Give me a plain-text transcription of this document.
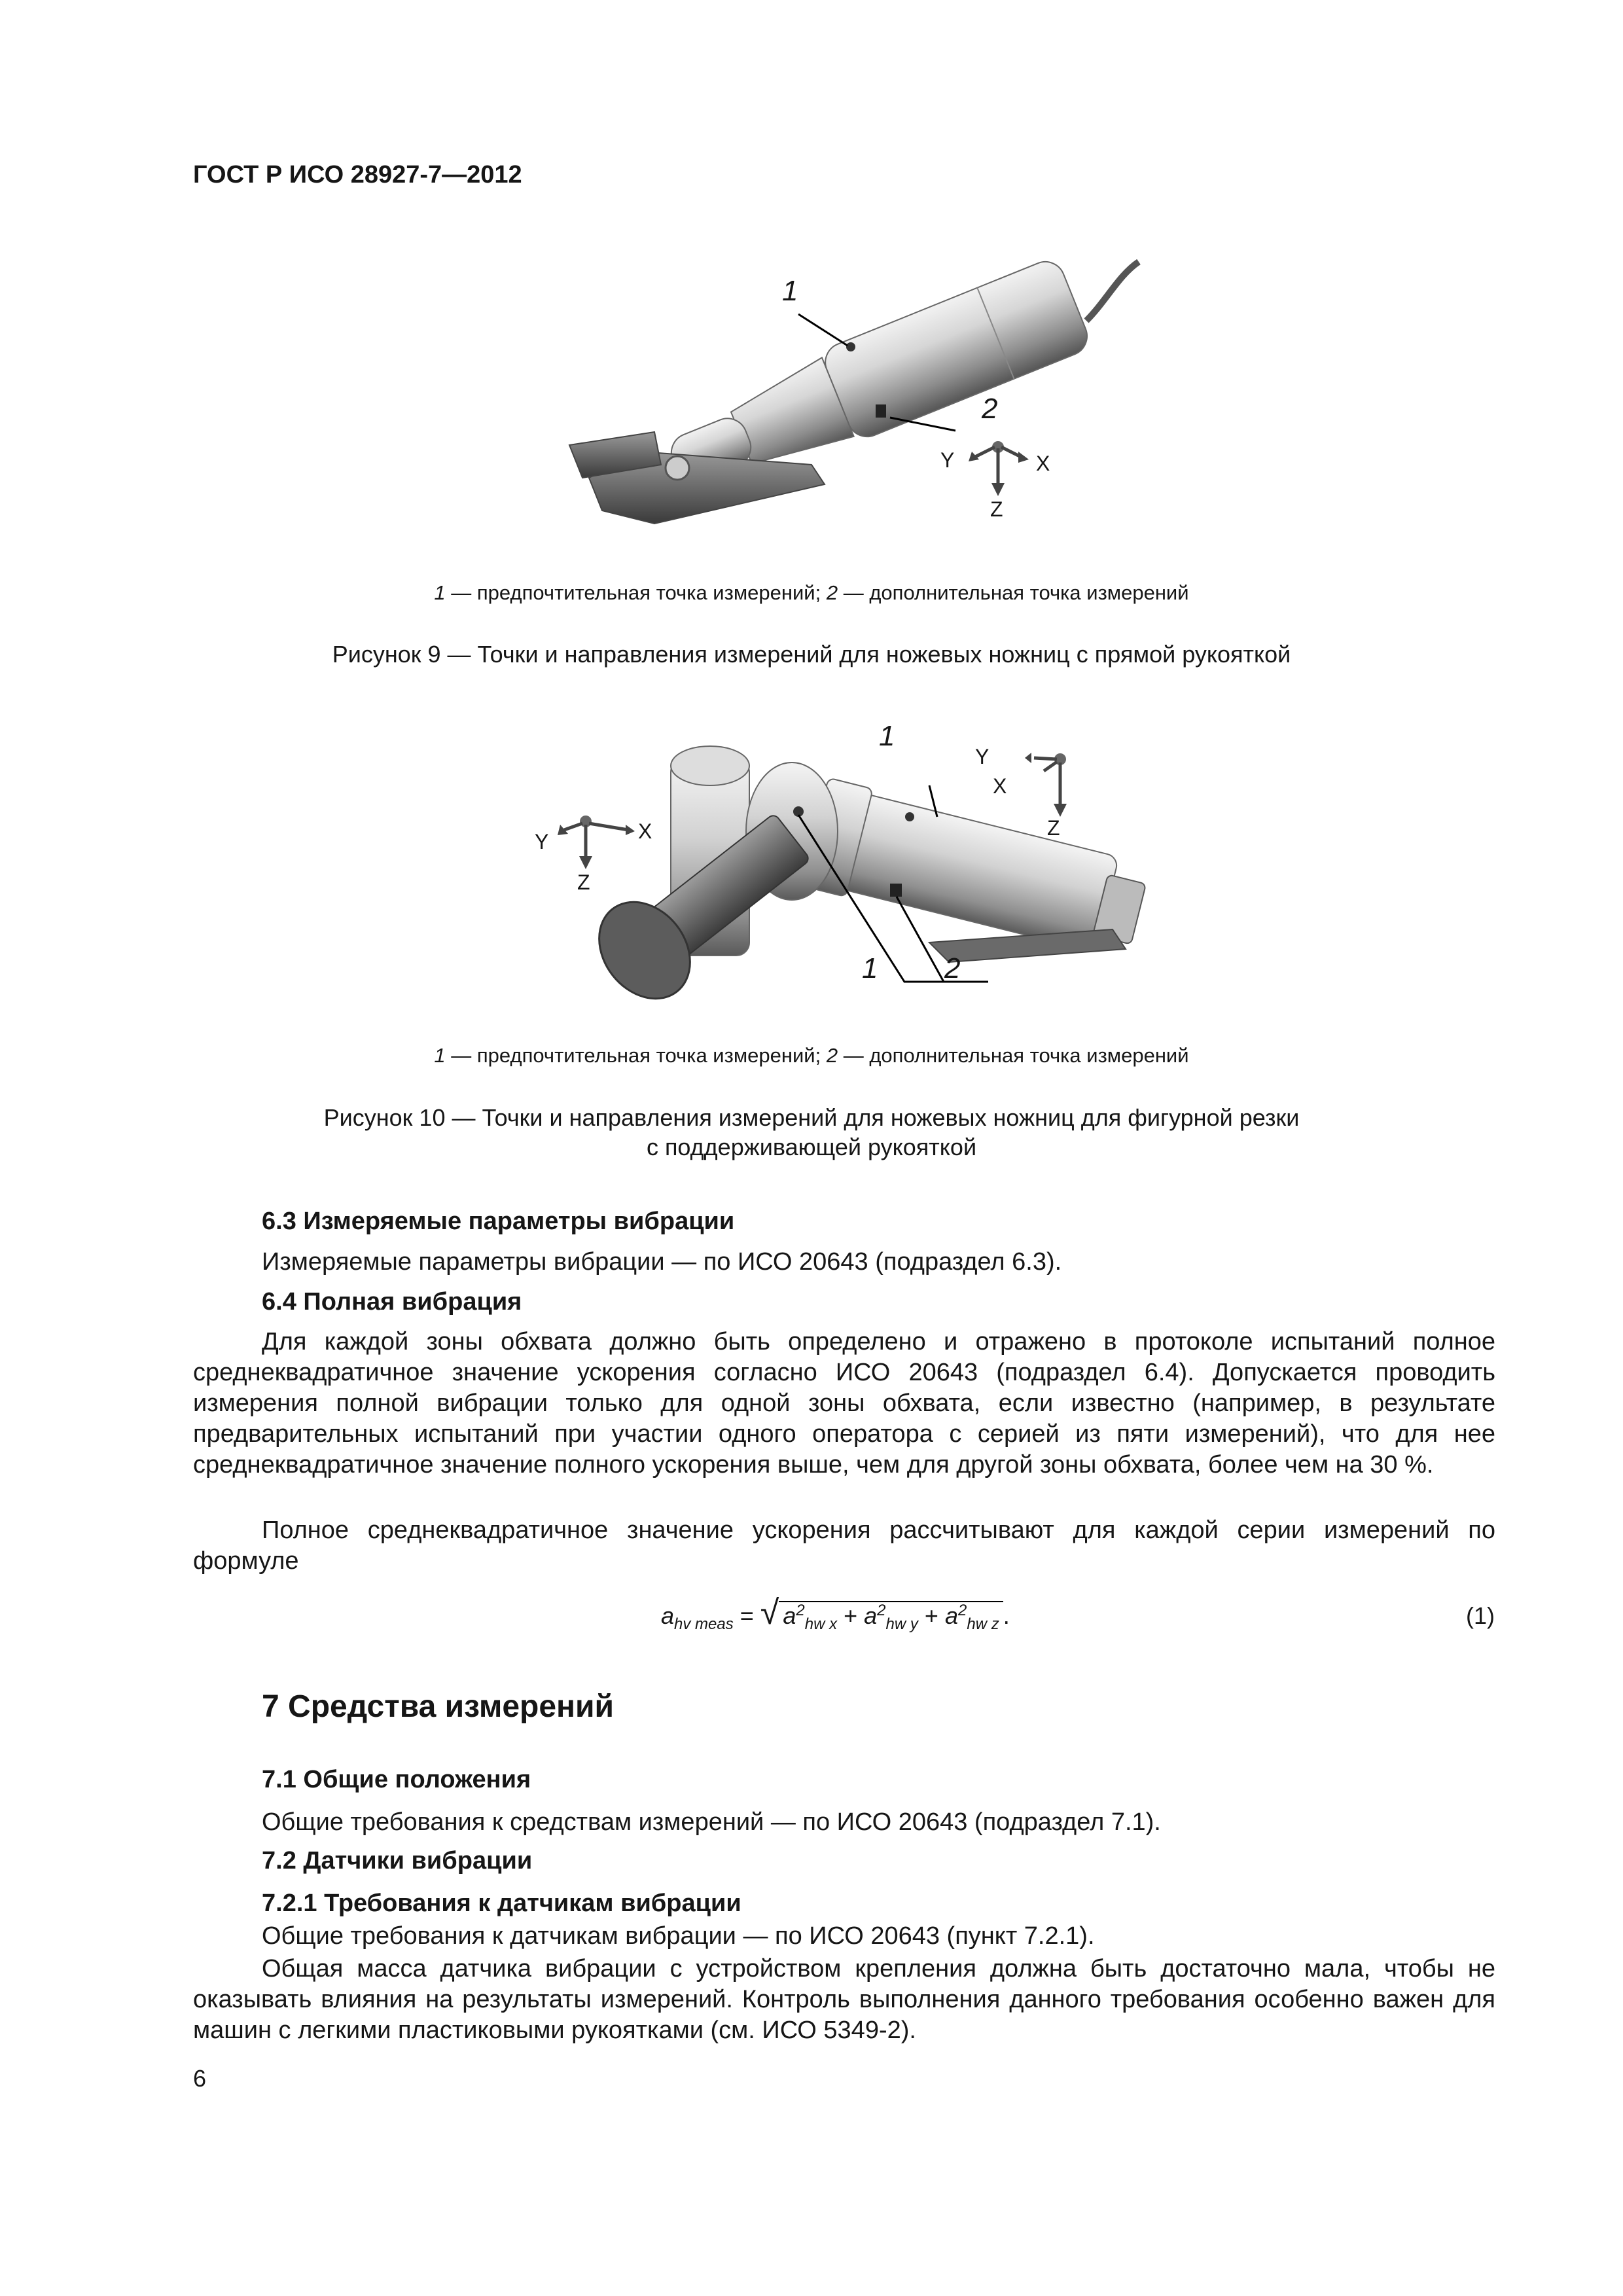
ГОСТ Р ИСО 28927-7—2012
1
2
Y	X
Z
1 — предпочтительная точка измерений; 2 — дополнительная точка измерений
Рисунок 9 — Точки и направления измерений для ножевых ножниц с прямой рукояткой
1
1 2
Y	X
Z
Y
X
Z
1 — предпочтительная точка измерений; 2 — дополнительная точка измерений
Рисунок 10 — Точки и направления измерений для ножевых ножниц для фигурной резки
с поддерживающей рукояткой
6.3 Измеряемые параметры вибрации
Измеряемые параметры вибрации — по ИСО 20643 (подраздел 6.3).
6.4 Полная вибрация
Для каждой зоны обхвата должно быть определено и отражено в протоколе испытаний полное среднеквадратичное значение ускорения согласно ИСО 20643 (подраздел 6.4). Допускается проводить измерения полной вибрации только для одной зоны обхвата, если известно (например, в результате предварительных испытаний при участии одного оператора с серией из пяти измерений), что для нее среднеквадратичное значение полного ускорения выше, чем для другой зоны обхвата, более чем на 30 %.
Полное среднеквадратичное значение ускорения рассчитывают для каждой серии измерений по формуле
$a_{hv meas}$ = √ $a^2_{hw x} + a^2_{hw y} + a^2_{hw z}$ .	(1)
7 Средства измерений
7.1 Общие положения
Общие требования к средствам измерений — по ИСО 20643 (подраздел 7.1).
7.2 Датчики вибрации
7.2.1 Требования к датчикам вибрации
Общие требования к датчикам вибрации — по ИСО 20643 (пункт 7.2.1).
Общая масса датчика вибрации с устройством крепления должна быть достаточно мала, чтобы не оказывать влияния на результаты измерений. Контроль выполнения данного требования особенно важен для машин с легкими пластиковыми рукоятками (см. ИСО 5349-2).
6
